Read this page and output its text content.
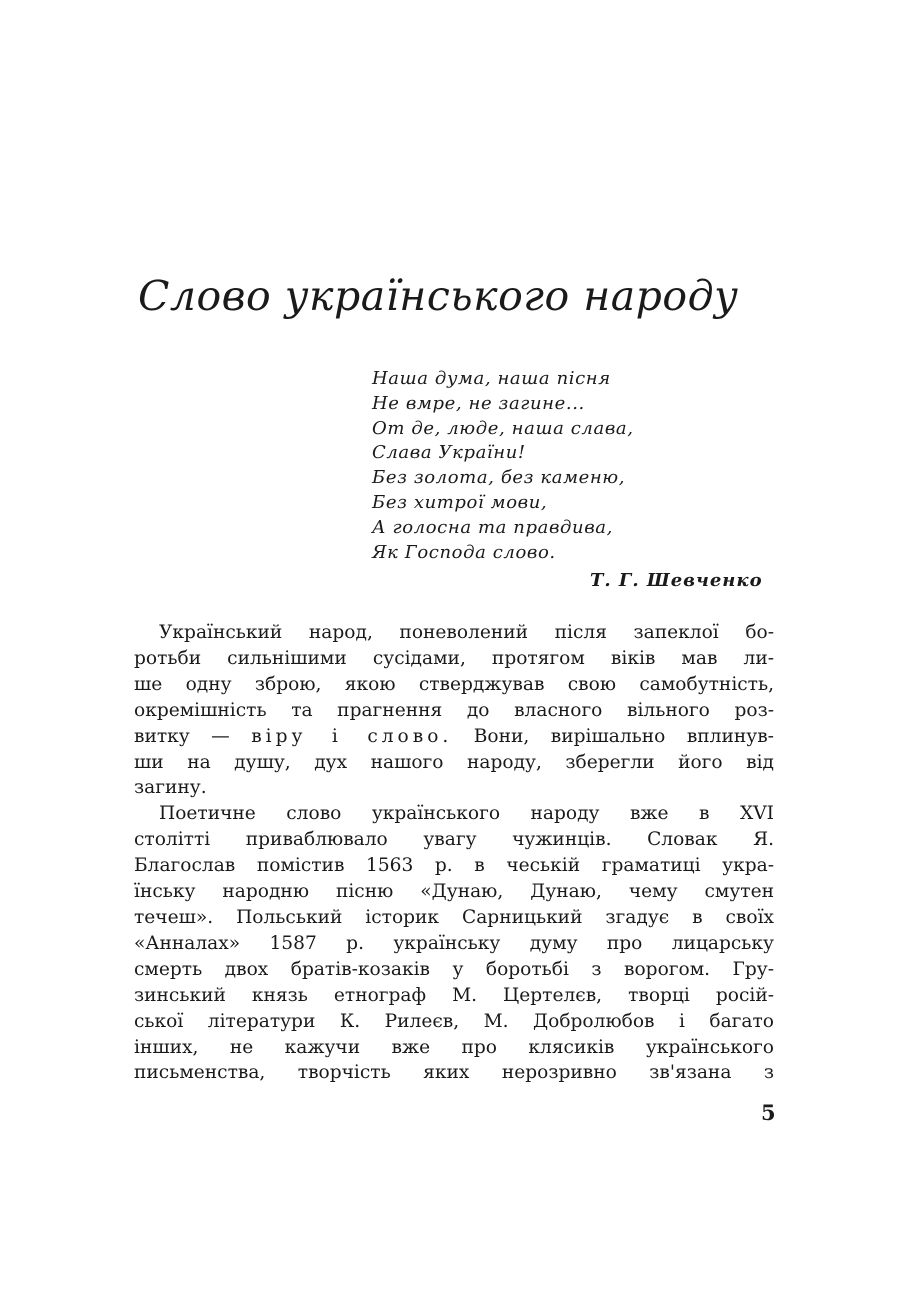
Слово українського народу
Наша дума, наша пісня
Не вмре, не загине...
От де, люде, наша слава,
Слава України!
Без золота, без каменю,
Без хитрої мови,
А голосна та правдива,
Як Господа слово.
Т. Г. Шевченко
Український народ, поневолений після запеклої бо-
ротьби сильнішими сусідами, протягом віків мав ли-
ше одну зброю, якою стверджував свою самобутність,
окремішність та прагнення до власного вільного роз-
витку — віру і слово. Вони, вирішально вплинув-
ши на душу, дух нашого народу, зберегли його від
загину.
Поетичне слово українського народу вже в XVI
столітті приваблювало увагу чужинців. Словак Я.
Благослав помістив 1563 р. в чеській граматиці укра-
їнську народню пісню «Дунаю, Дунаю, чему смутен
течеш». Польський історик Сарницький згадує в своїх
«Анналах» 1587 р. українську думу про лицарську
смерть двох братів-козаків у боротьбі з ворогом. Гру-
зинський князь етнограф М. Цертелєв, творці росій-
ської літератури К. Рилеєв, М. Добролюбов і багато
інших, не кажучи вже про клясиків українського
письменства, творчість яких нерозривно зв'язана з
5
